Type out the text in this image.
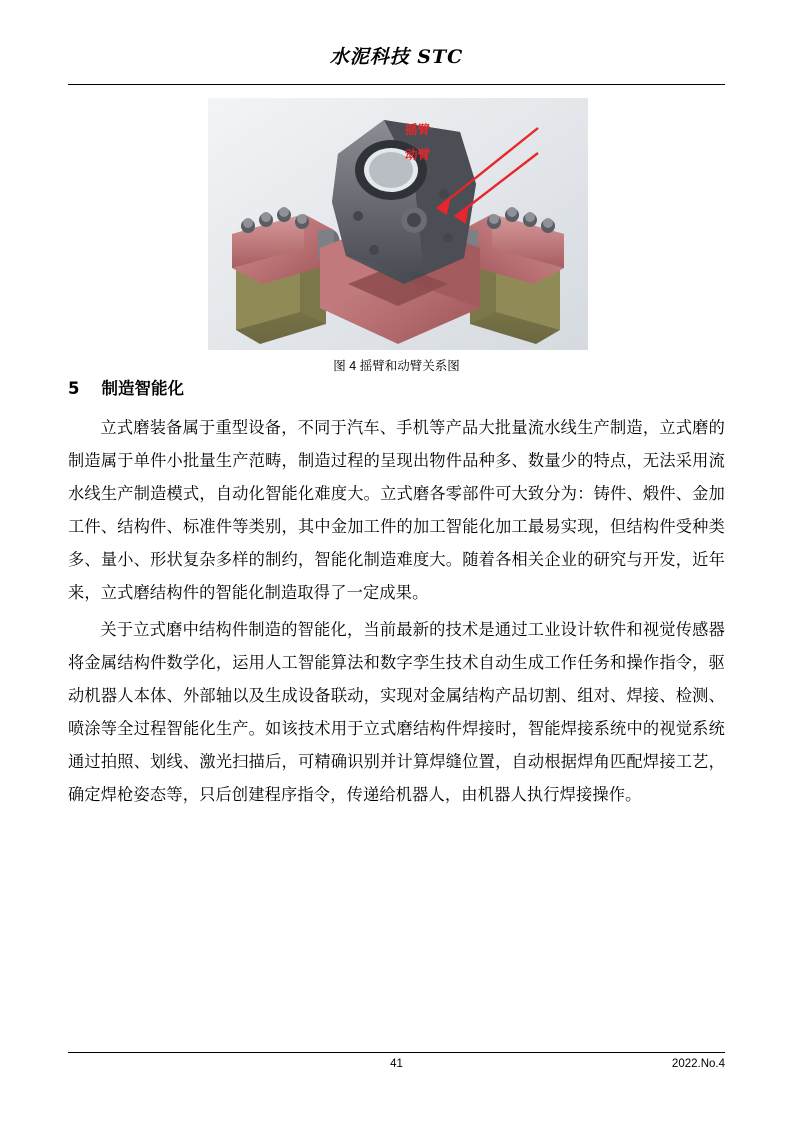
水泥科技 STC
摇臂
动臂
图 4 摇臂和动臂关系图
5 制造智能化

立式磨装备属于重型设备，不同于汽车、手机等产品大批量流水线生产制造，立式磨的制造属于单件小批量生产范畴，制造过程的呈现出物件品种多、数量少的特点，无法采用流水线生产制造模式，自动化智能化难度大。立式磨各零部件可大致分为：铸件、煅件、金加工件、结构件、标准件等类别，其中金加工件的加工智能化加工最易实现，但结构件受种类多、量小、形状复杂多样的制约，智能化制造难度大。随着各相关企业的研究与开发，近年来，立式磨结构件的智能化制造取得了一定成果。

关于立式磨中结构件制造的智能化，当前最新的技术是通过工业设计软件和视觉传感器将金属结构件数学化，运用人工智能算法和数字孪生技术自动生成工作任务和操作指令，驱动机器人本体、外部轴以及生成设备联动，实现对金属结构产品切割、组对、焊接、检测、喷涂等全过程智能化生产。如该技术用于立式磨结构件焊接时，智能焊接系统中的视觉系统通过拍照、划线、激光扫描后，可精确识别并计算焊缝位置，自动根据焊角匹配焊接工艺，确定焊枪姿态等，只后创建程序指令，传递给机器人，由机器人执行焊接操作。

41	2022.No.4
